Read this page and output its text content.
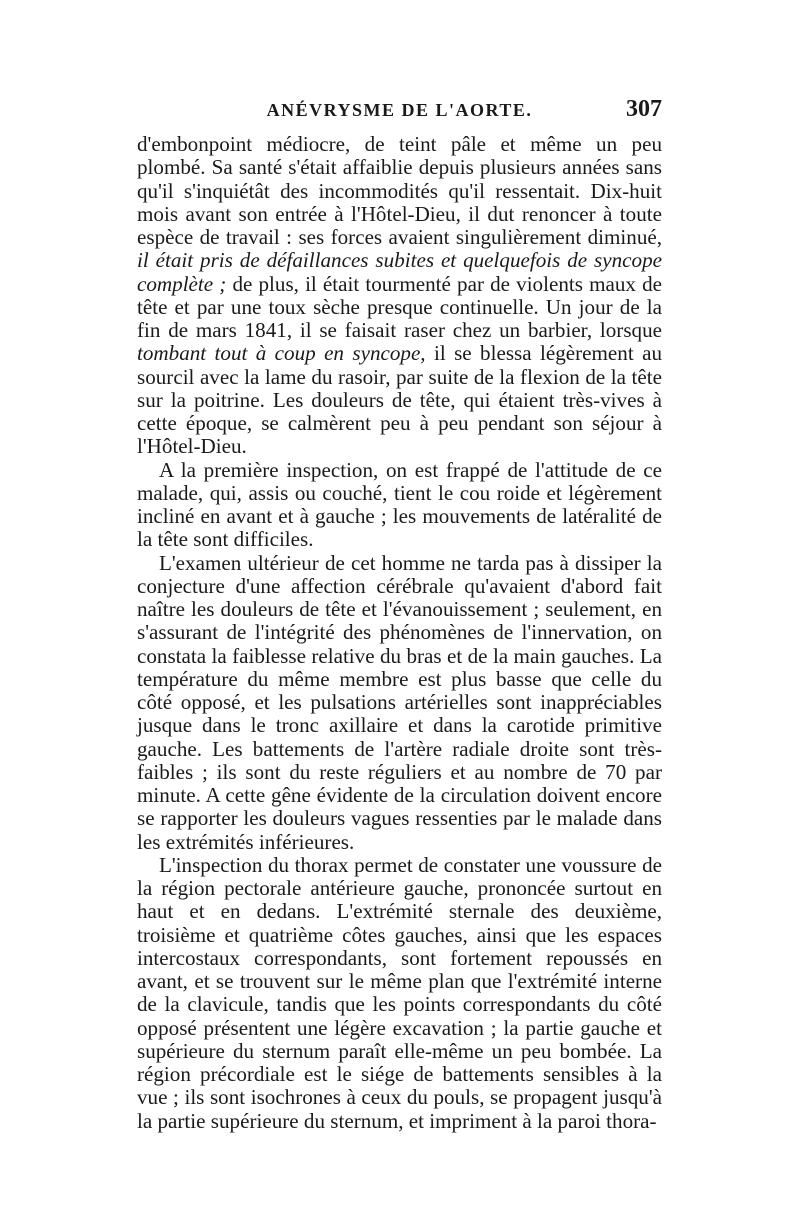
ANÉVRYSME DE L'AORTE.	307

d'embonpoint médiocre, de teint pâle et même un peu plombé. Sa santé s'était affaiblie depuis plusieurs années sans qu'il s'inquiétât des incommodités qu'il ressentait. Dix-huit mois avant son entrée à l'Hôtel-Dieu, il dut renoncer à toute espèce de travail : ses forces avaient singulièrement diminué, il était pris de défaillances subites et quelquefois de syncope complète ; de plus, il était tourmenté par de violents maux de tête et par une toux sèche presque continuelle. Un jour de la fin de mars 1841, il se faisait raser chez un barbier, lorsque tombant tout à coup en syncope, il se blessa légèrement au sourcil avec la lame du rasoir, par suite de la flexion de la tête sur la poitrine. Les douleurs de tête, qui étaient très-vives à cette époque, se calmèrent peu à peu pendant son séjour à l'Hôtel-Dieu.

A la première inspection, on est frappé de l'attitude de ce malade, qui, assis ou couché, tient le cou roide et légèrement incliné en avant et à gauche ; les mouvements de latéralité de la tête sont difficiles.

L'examen ultérieur de cet homme ne tarda pas à dissiper la conjecture d'une affection cérébrale qu'avaient d'abord fait naître les douleurs de tête et l'évanouissement ; seulement, en s'assurant de l'intégrité des phénomènes de l'innervation, on constata la faiblesse relative du bras et de la main gauches. La température du même membre est plus basse que celle du côté opposé, et les pulsations artérielles sont inappréciables jusque dans le tronc axillaire et dans la carotide primitive gauche. Les battements de l'artère radiale droite sont très-faibles ; ils sont du reste réguliers et au nombre de 70 par minute. A cette gêne évidente de la circulation doivent encore se rapporter les douleurs vagues ressenties par le malade dans les extrémités inférieures.

L'inspection du thorax permet de constater une voussure de la région pectorale antérieure gauche, prononcée surtout en haut et en dedans. L'extrémité sternale des deuxième, troisième et quatrième côtes gauches, ainsi que les espaces intercostaux correspondants, sont fortement repoussés en avant, et se trouvent sur le même plan que l'extrémité interne de la clavicule, tandis que les points correspondants du côté opposé présentent une légère excavation ; la partie gauche et supérieure du sternum paraît elle-même un peu bombée. La région précordiale est le siége de battements sensibles à la vue ; ils sont isochrones à ceux du pouls, se propagent jusqu'à la partie supérieure du sternum, et impriment à la paroi thora-
